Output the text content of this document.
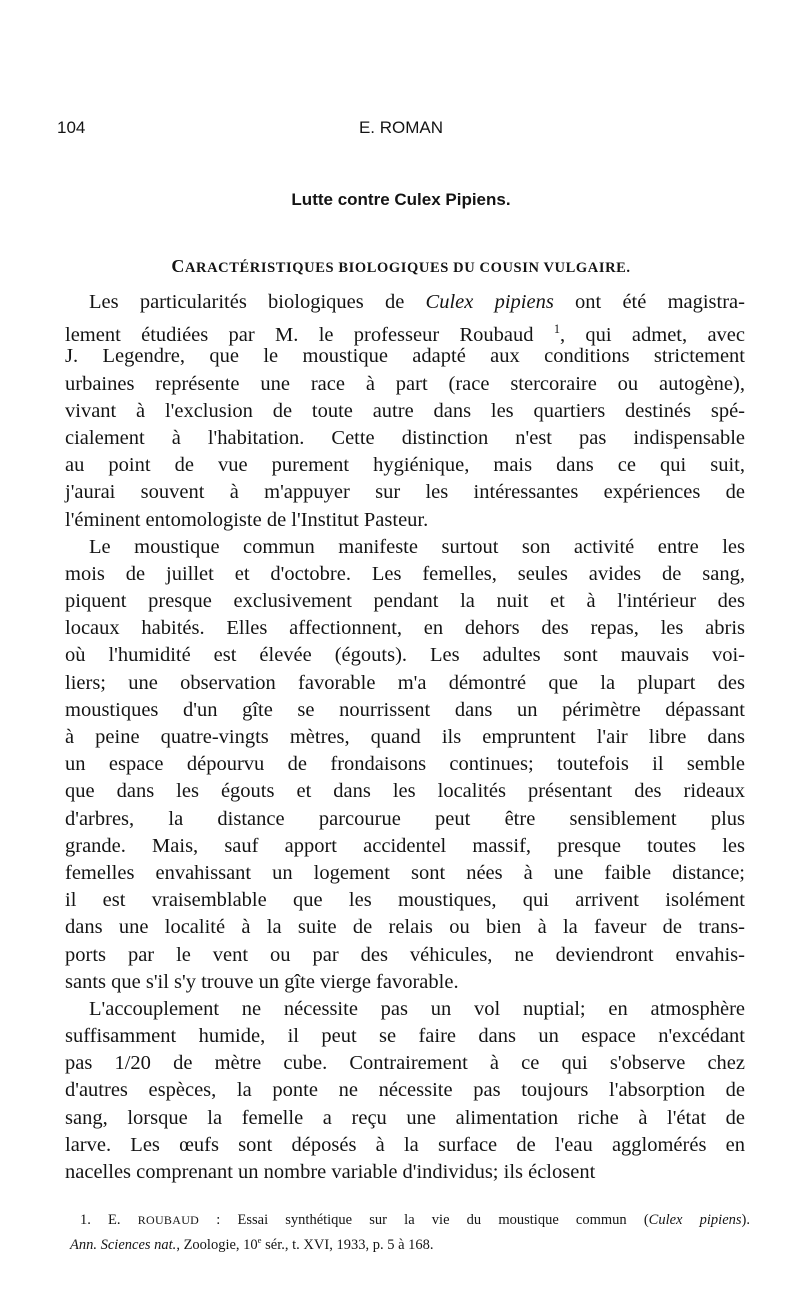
104	E. ROMAN
Lutte contre Culex Pipiens.
CARACTÉRISTIQUES BIOLOGIQUES DU COUSIN VULGAIRE.
Les particularités biologiques de Culex pipiens ont été magistra-
lement étudiées par M. le professeur Roubaud $^1$, qui admet, avec
J. Legendre, que le moustique adapté aux conditions strictement
urbaines représente une race à part (race stercoraire ou autogène),
vivant à l'exclusion de toute autre dans les quartiers destinés spé-
cialement à l'habitation. Cette distinction n'est pas indispensable
au point de vue purement hygiénique, mais dans ce qui suit,
j'aurai souvent à m'appuyer sur les intéressantes expériences de
l'éminent entomologiste de l'Institut Pasteur.
Le moustique commun manifeste surtout son activité entre les
mois de juillet et d'octobre. Les femelles, seules avides de sang,
piquent presque exclusivement pendant la nuit et à l'intérieur des
locaux habités. Elles affectionnent, en dehors des repas, les abris
où l'humidité est élevée (égouts). Les adultes sont mauvais voi-
liers; une observation favorable m'a démontré que la plupart des
moustiques d'un gîte se nourrissent dans un périmètre dépassant
à peine quatre-vingts mètres, quand ils empruntent l'air libre dans
un espace dépourvu de frondaisons continues; toutefois il semble
que dans les égouts et dans les localités présentant des rideaux
d'arbres, la distance parcourue peut être sensiblement plus
grande. Mais, sauf apport accidentel massif, presque toutes les
femelles envahissant un logement sont nées à une faible distance;
il est vraisemblable que les moustiques, qui arrivent isolément
dans une localité à la suite de relais ou bien à la faveur de trans-
ports par le vent ou par des véhicules, ne deviendront envahis-
sants que s'il s'y trouve un gîte vierge favorable.
L'accouplement ne nécessite pas un vol nuptial; en atmosphère
suffisamment humide, il peut se faire dans un espace n'excédant
pas 1/20 de mètre cube. Contrairement à ce qui s'observe chez
d'autres espèces, la ponte ne nécessite pas toujours l'absorption de
sang, lorsque la femelle a reçu une alimentation riche à l'état de
larve. Les œufs sont déposés à la surface de l'eau agglomérés en
nacelles comprenant un nombre variable d'individus; ils éclosent
1. E. ROUBAUD : Essai synthétique sur la vie du moustique commun (Culex pipiens).
Ann. Sciences nat., Zoologie, 10e sér., t. XVI, 1933, p. 5 à 168.
